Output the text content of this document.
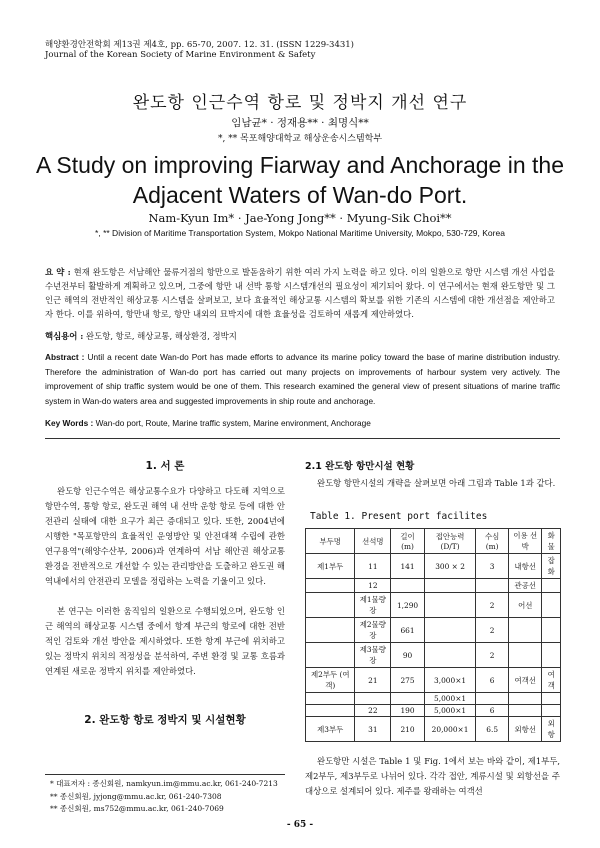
해양환경안전학회 제13권 제4호, pp. 65-70, 2007. 12. 31. (ISSN 1229-3431)
Journal of the Korean Society of Marine Environment & Safety
완도항 인근수역 항로 및 정박지 개선 연구
임남균* · 정재용** · 최명식**
*, ** 목포해양대학교 해상운송시스템학부
A Study on improving Fiarway and Anchorage in the Adjacent Waters of Wan-do Port.
Nam-Kyun Im* · Jae-Yong Jong** · Myung-Sik Choi**
*, ** Division of Maritime Transportation System, Mokpo National Maritime University, Mokpo, 530-729, Korea
요 약 : 현재 완도항은 서남해안 물류거점의 항만으로 발돋움하기 위한 여러 가지 노력을 하고 있다. 이의 일환으로 항만 시스템 개선 사업을 수년전부터 활발하게 계획하고 있으며, 그중에 항만 내 선박 통항 시스템개선의 필요성이 제기되어 왔다. 이 연구에서는 현재 완도항만 및 그 인근 해역의 전반적인 해상교통 시스템을 살펴보고, 보다 효율적인 해상교통 시스템의 확보를 위한 기존의 시스템에 대한 개선점을 제안하고자 한다. 이를 위하여, 항만내 항로, 항만 내외의 묘박지에 대한 효율성을 검토하여 새롭게 제안하였다.
핵심용어 : 완도항, 항로, 해상교통, 해상환경, 정박지
Abstract : Until a recent date Wan-do Port has made efforts to advance its marine policy toward the base of marine distribution industry. Therefore the administration of Wan-do port has carried out many projects on improvements of harbour system very actively. The improvement of ship traffic system would be one of them. This research examined the general view of present situations of marine traffic system in Wan-do waters area and suggested improvements in ship route and anchorage.
Key Words : Wan-do port, Route, Marine traffic system, Marine environment, Anchorage
1. 서 론
완도항 인근수역은 해상교통수요가 다양하고 다도해 지역으로 항만수역, 통항 항로, 완도권 해역 내 선박 운항 항로 등에 대한 안전관리 실태에 대한 요구가 최근 증대되고 있다. 또한, 2004년에 시행한 "목포항만의 효율적인 운영방안 및 안전대책 수립에 관한 연구용역"(해양수산부, 2006)과 연계하여 서남 해안권 해상교통 환경을 전반적으로 개선할 수 있는 관리방안을 도출하고 완도권 해역내에서의 안전관리 모델을 정립하는 노력을 기울이고 있다.
본 연구는 이러한 움직임의 일환으로 수행되었으며, 완도항 인근 해역의 해상교통 시스템 중에서 항계 부근의 항로에 대한 전반적인 검토와 개선 방안을 제시하였다. 또한 항계 부근에 위치하고 있는 정박지 위치의 적정성을 분석하여, 주변 환경 및 교통 흐름과 연계된 새로운 정박지 위치를 제안하였다.
2. 완도항 항로 정박지 및 시설현황
* 대표저자 : 종신회원, namkyun.im@mmu.ac.kr, 061-240-7213
** 종신회원, jyjong@mmu.ac.kr, 061-240-7308
** 종신회원, ms752@mmu.ac.kr, 061-240-7069
2.1 완도항 항만시설 현황
완도항 항만시설의 개략을 살펴보면 아래 그림과 Table 1과 같다.
Table 1. Present port facilites
부두명	선석명	길이 (m)	접안능력(D/T)	수심 (m)	이용 선박	화물
제1부두	11	141	300 × 2	3	내항선	잡화
	12				관공선	
	제1물량장	1,290		2	어선	
	제2물량장	661		2		
	제3물량장	90		2		
제2부두 (여객)	21	275	3,000×1	6	여객선	여객
			5,000×1			
	22	190	5,000×1	6		
제3부두	31	210	20,000×1	6.5	외항선	외항
완도항만 시설은 Table 1 및 Fig. 1에서 보는 바와 같이, 제1부두, 제2부두, 제3부두로 나뉘어 있다. 각각 접안, 계류시설 및 외항선을 주 대상으로 설계되어 있다. 제주를 왕래하는 여객선
- 65 -
